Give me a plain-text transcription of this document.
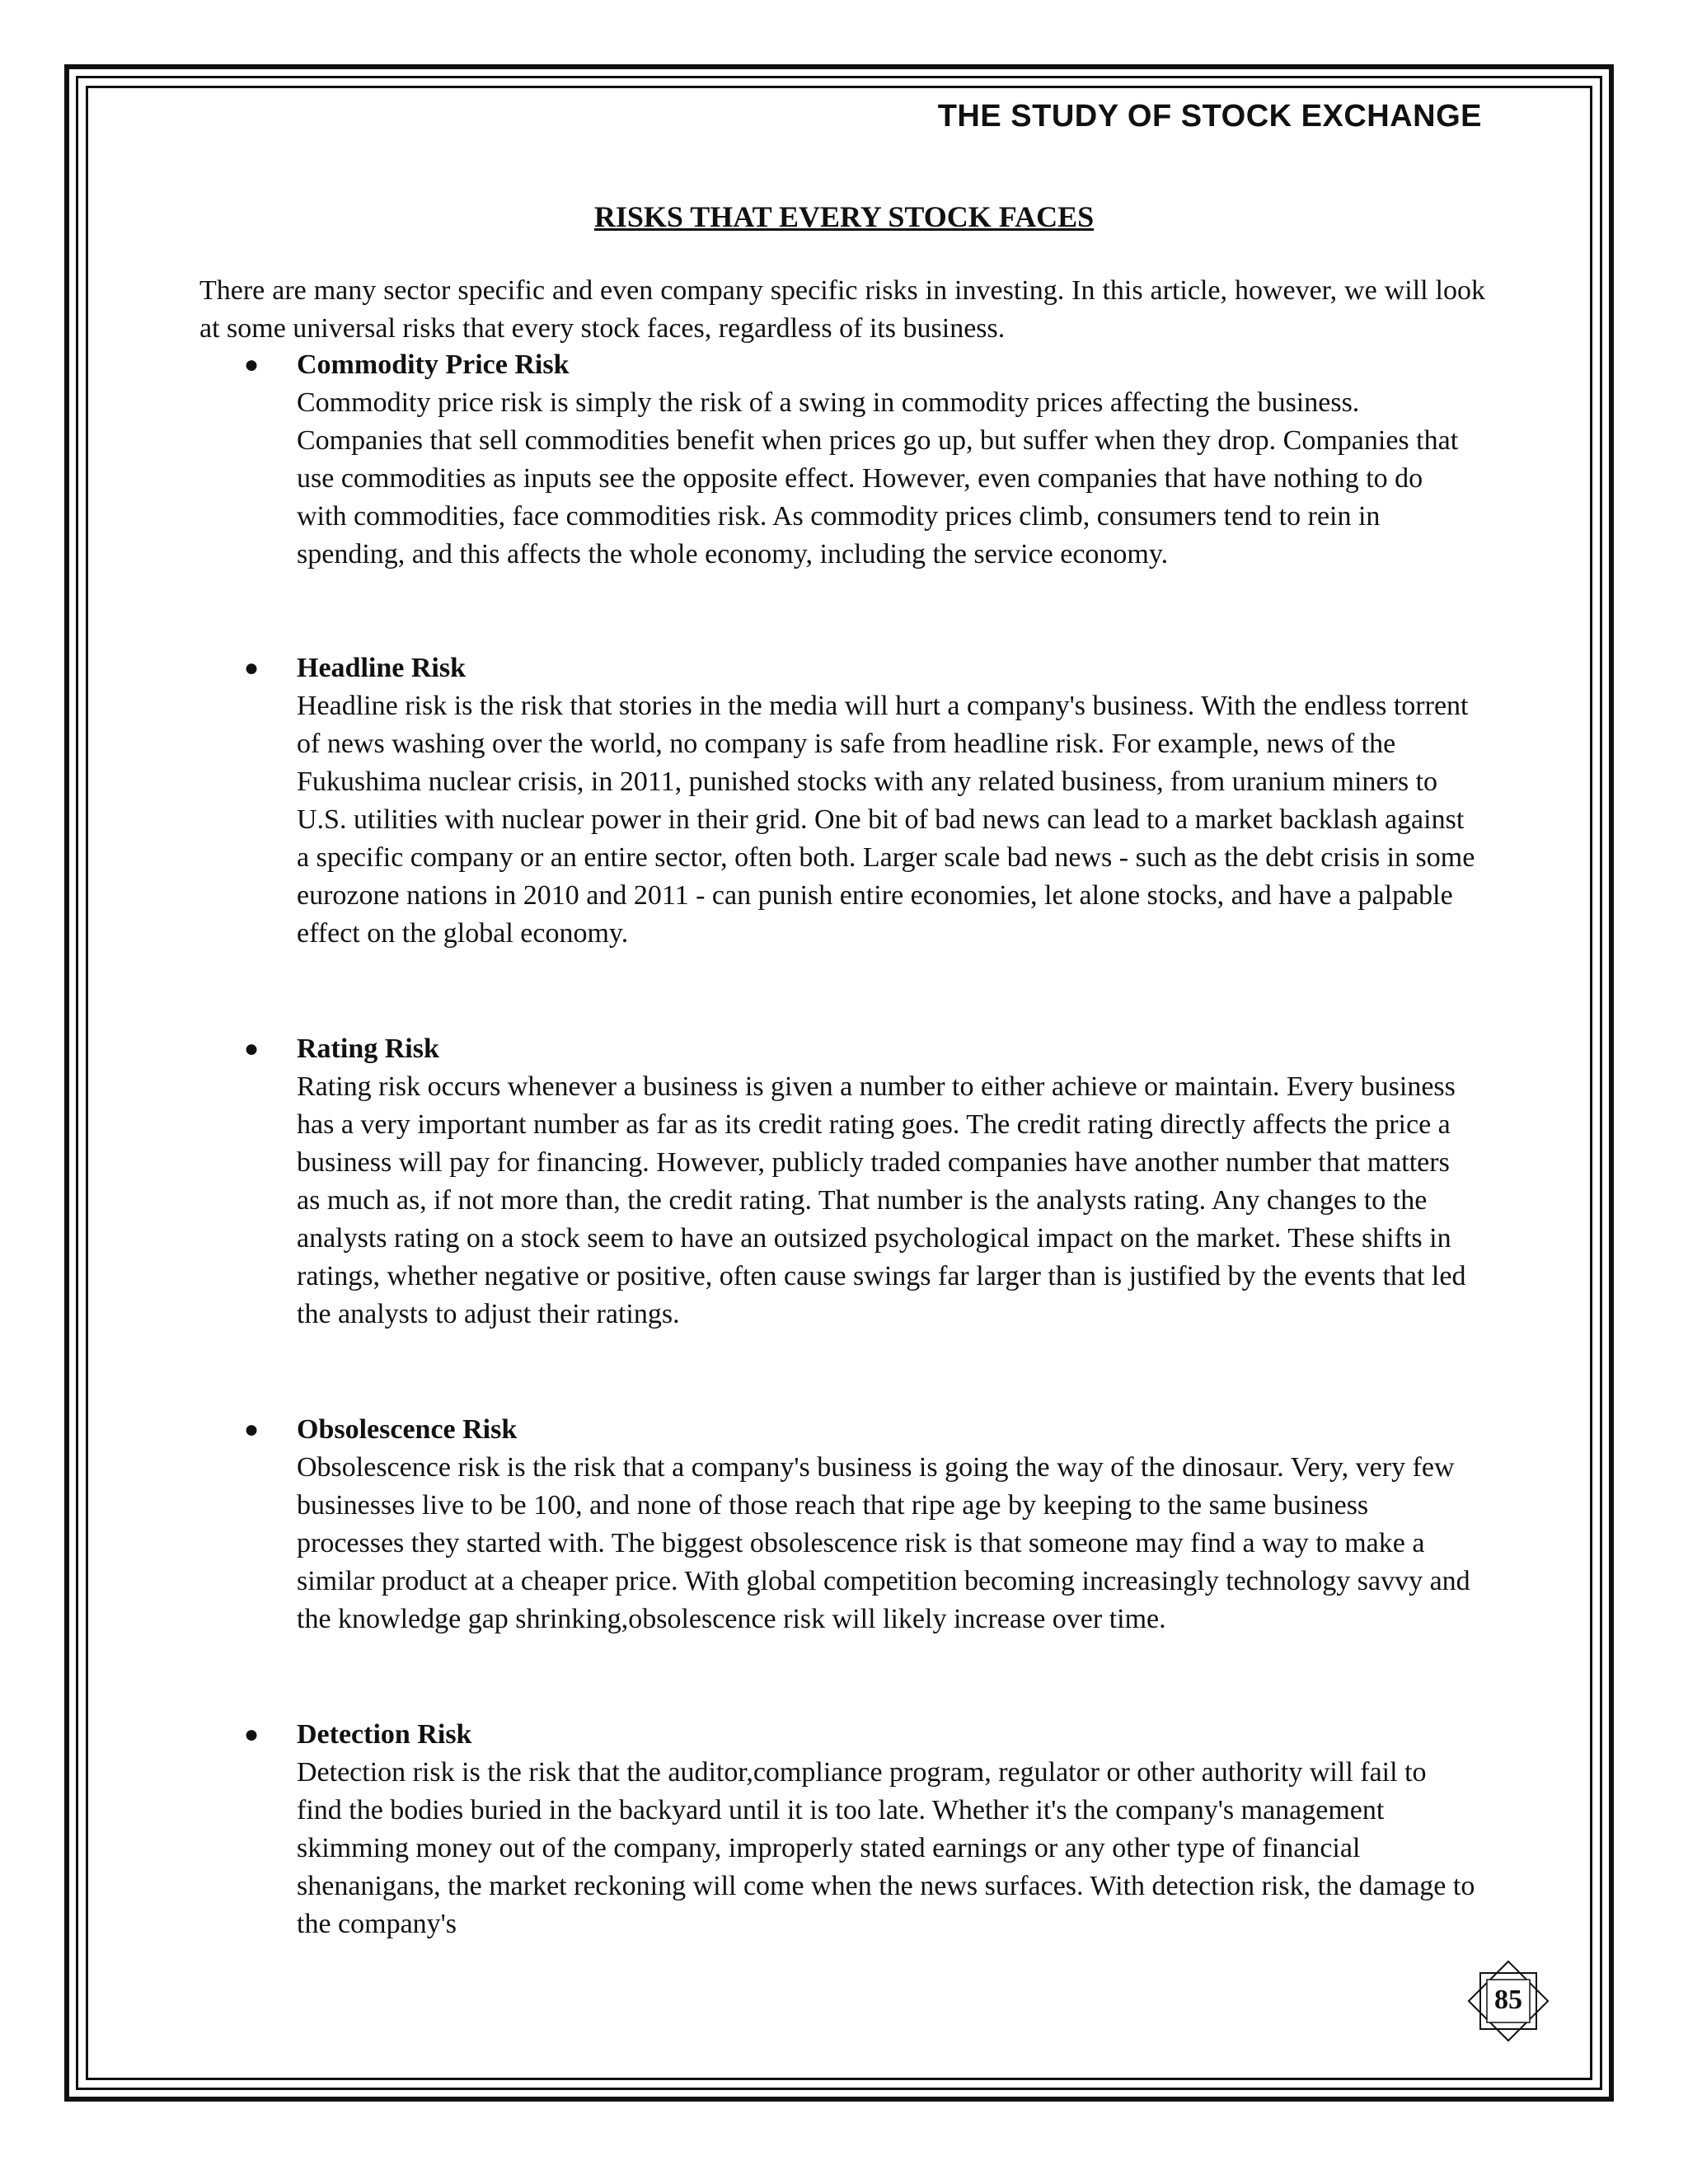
THE STUDY OF STOCK EXCHANGE
RISKS THAT EVERY STOCK FACES
There are many sector specific and even company specific risks in investing. In this article, however, we will look at some universal risks that every stock faces, regardless of its business.
● Commodity Price Risk
Commodity price risk is simply the risk of a swing in commodity prices affecting the business. Companies that sell commodities benefit when prices go up, but suffer when they drop. Companies that use commodities as inputs see the opposite effect. However, even companies that have nothing to do with commodities, face commodities risk. As commodity prices climb, consumers tend to rein in spending, and this affects the whole economy, including the service economy.
● Headline Risk
Headline risk is the risk that stories in the media will hurt a company's business. With the endless torrent of news washing over the world, no company is safe from headline risk. For example, news of the Fukushima nuclear crisis, in 2011, punished stocks with any related business, from uranium miners to U.S. utilities with nuclear power in their grid. One bit of bad news can lead to a market backlash against a specific company or an entire sector, often both. Larger scale bad news - such as the debt crisis in some eurozone nations in 2010 and 2011 - can punish entire economies, let alone stocks, and have a palpable effect on the global economy.
● Rating Risk
Rating risk occurs whenever a business is given a number to either achieve or maintain. Every business has a very important number as far as its credit rating goes. The credit rating directly affects the price a business will pay for financing. However, publicly traded companies have another number that matters as much as, if not more than, the credit rating. That number is the analysts rating. Any changes to the analysts rating on a stock seem to have an outsized psychological impact on the market. These shifts in ratings, whether negative or positive, often cause swings far larger than is justified by the events that led the analysts to adjust their ratings.
● Obsolescence Risk
Obsolescence risk is the risk that a company's business is going the way of the dinosaur. Very, very few businesses live to be 100, and none of those reach that ripe age by keeping to the same business processes they started with. The biggest obsolescence risk is that someone may find a way to make a similar product at a cheaper price. With global competition becoming increasingly technology savvy and the knowledge gap shrinking,obsolescence risk will likely increase over time.
● Detection Risk
Detection risk is the risk that the auditor,compliance program, regulator or other authority will fail to find the bodies buried in the backyard until it is too late. Whether it's the company's management skimming money out of the company, improperly stated earnings or any other type of financial shenanigans, the market reckoning will come when the news surfaces. With detection risk, the damage to the company's
85
